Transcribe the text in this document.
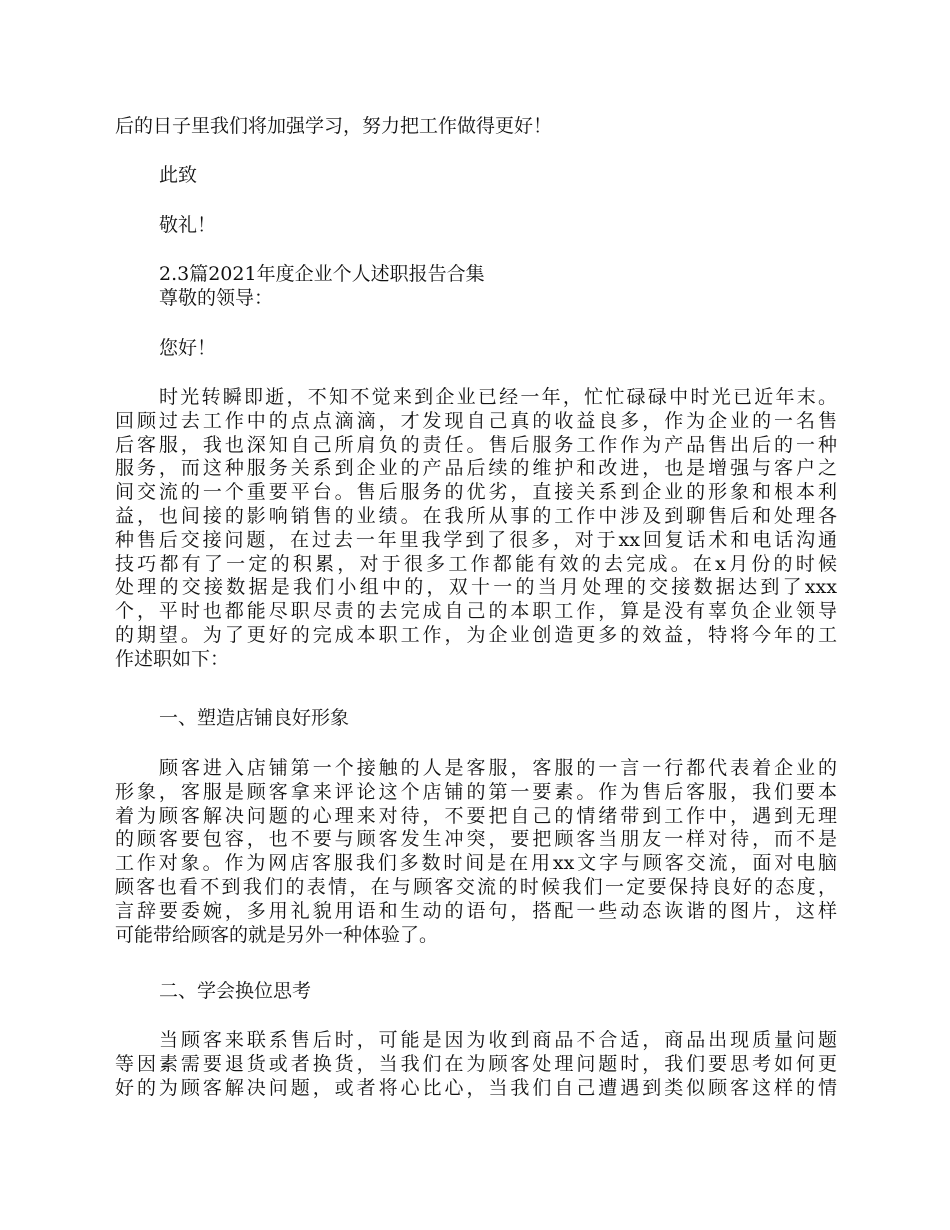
后的日子里我们将加强学习，努力把工作做得更好！

此致

敬礼！

2.3篇2021年度企业个人述职报告合集

尊敬的领导：

您好！

时光转瞬即逝，不知不觉来到企业已经一年，忙忙碌碌中时光已近年末。
回顾过去工作中的点点滴滴，才发现自己真的收益良多，作为企业的一名售
后客服，我也深知自己所肩负的责任。售后服务工作作为产品售出后的一种
服务，而这种服务关系到企业的产品后续的维护和改进，也是增强与客户之
间交流的一个重要平台。售后服务的优劣，直接关系到企业的形象和根本利
益，也间接的影响销售的业绩。在我所从事的工作中涉及到聊售后和处理各
种售后交接问题，在过去一年里我学到了很多，对于xx回复话术和电话沟通
技巧都有了一定的积累，对于很多工作都能有效的去完成。在x月份的时候
处理的交接数据是我们小组中的，双十一的当月处理的交接数据达到了xxx
个，平时也都能尽职尽责的去完成自己的本职工作，算是没有辜负企业领导
的期望。为了更好的完成本职工作，为企业创造更多的效益，特将今年的工
作述职如下：

一、塑造店铺良好形象

顾客进入店铺第一个接触的人是客服，客服的一言一行都代表着企业的
形象，客服是顾客拿来评论这个店铺的第一要素。作为售后客服，我们要本
着为顾客解决问题的心理来对待，不要把自己的情绪带到工作中，遇到无理
的顾客要包容，也不要与顾客发生冲突，要把顾客当朋友一样对待，而不是
工作对象。作为网店客服我们多数时间是在用xx文字与顾客交流，面对电脑
顾客也看不到我们的表情，在与顾客交流的时候我们一定要保持良好的态度，
言辞要委婉，多用礼貌用语和生动的语句，搭配一些动态诙谐的图片，这样
可能带给顾客的就是另外一种体验了。

二、学会换位思考

当顾客来联系售后时，可能是因为收到商品不合适，商品出现质量问题
等因素需要退货或者换货，当我们在为顾客处理问题时，我们要思考如何更
好的为顾客解决问题，或者将心比心，当我们自己遭遇到类似顾客这样的情
